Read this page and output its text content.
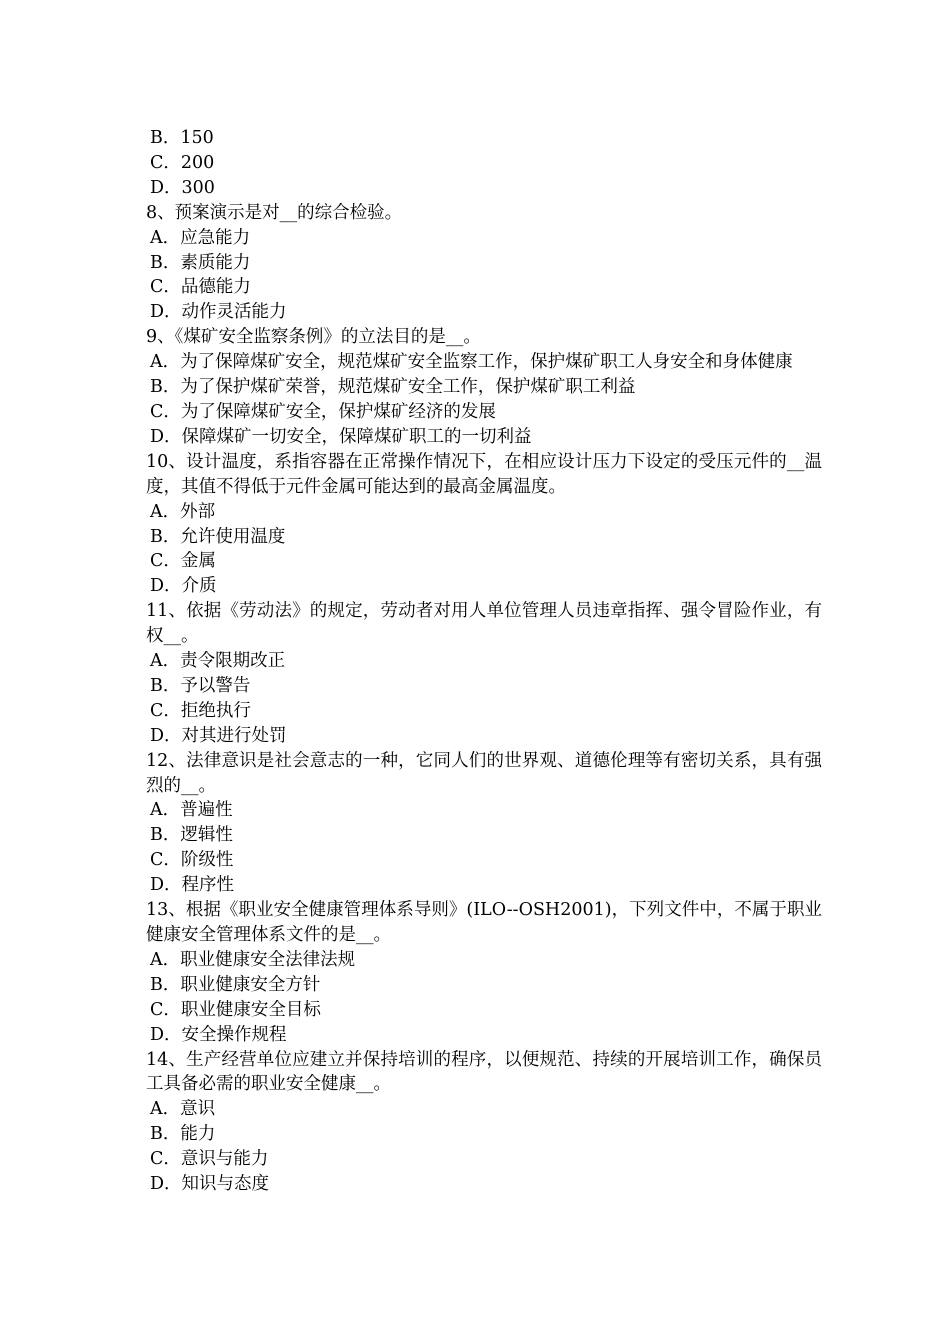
B．150
C．200
D．300
8、预案演示是对__的综合检验。
A．应急能力
B．素质能力
C．品德能力
D．动作灵活能力
9、《煤矿安全监察条例》的立法目的是__。
A．为了保障煤矿安全，规范煤矿安全监察工作，保护煤矿职工人身安全和身体健康
B．为了保护煤矿荣誉，规范煤矿安全工作，保护煤矿职工利益
C．为了保障煤矿安全，保护煤矿经济的发展
D．保障煤矿一切安全，保障煤矿职工的一切利益
10、设计温度，系指容器在正常操作情况下，在相应设计压力下设定的受压元件的__温度，其值不得低于元件金属可能达到的最高金属温度。
A．外部
B．允许使用温度
C．金属
D．介质
11、依据《劳动法》的规定，劳动者对用人单位管理人员违章指挥、强令冒险作业，有权__。
A．责令限期改正
B．予以警告
C．拒绝执行
D．对其进行处罚
12、法律意识是社会意志的一种，它同人们的世界观、道德伦理等有密切关系，具有强烈的__。
A．普遍性
B．逻辑性
C．阶级性
D．程序性
13、根据《职业安全健康管理体系导则》(ILO--OSH2001)，下列文件中，不属于职业健康安全管理体系文件的是__。
A．职业健康安全法律法规
B．职业健康安全方针
C．职业健康安全目标
D．安全操作规程
14、生产经营单位应建立并保持培训的程序，以便规范、持续的开展培训工作，确保员工具备必需的职业安全健康__。
A．意识
B．能力
C．意识与能力
D．知识与态度
